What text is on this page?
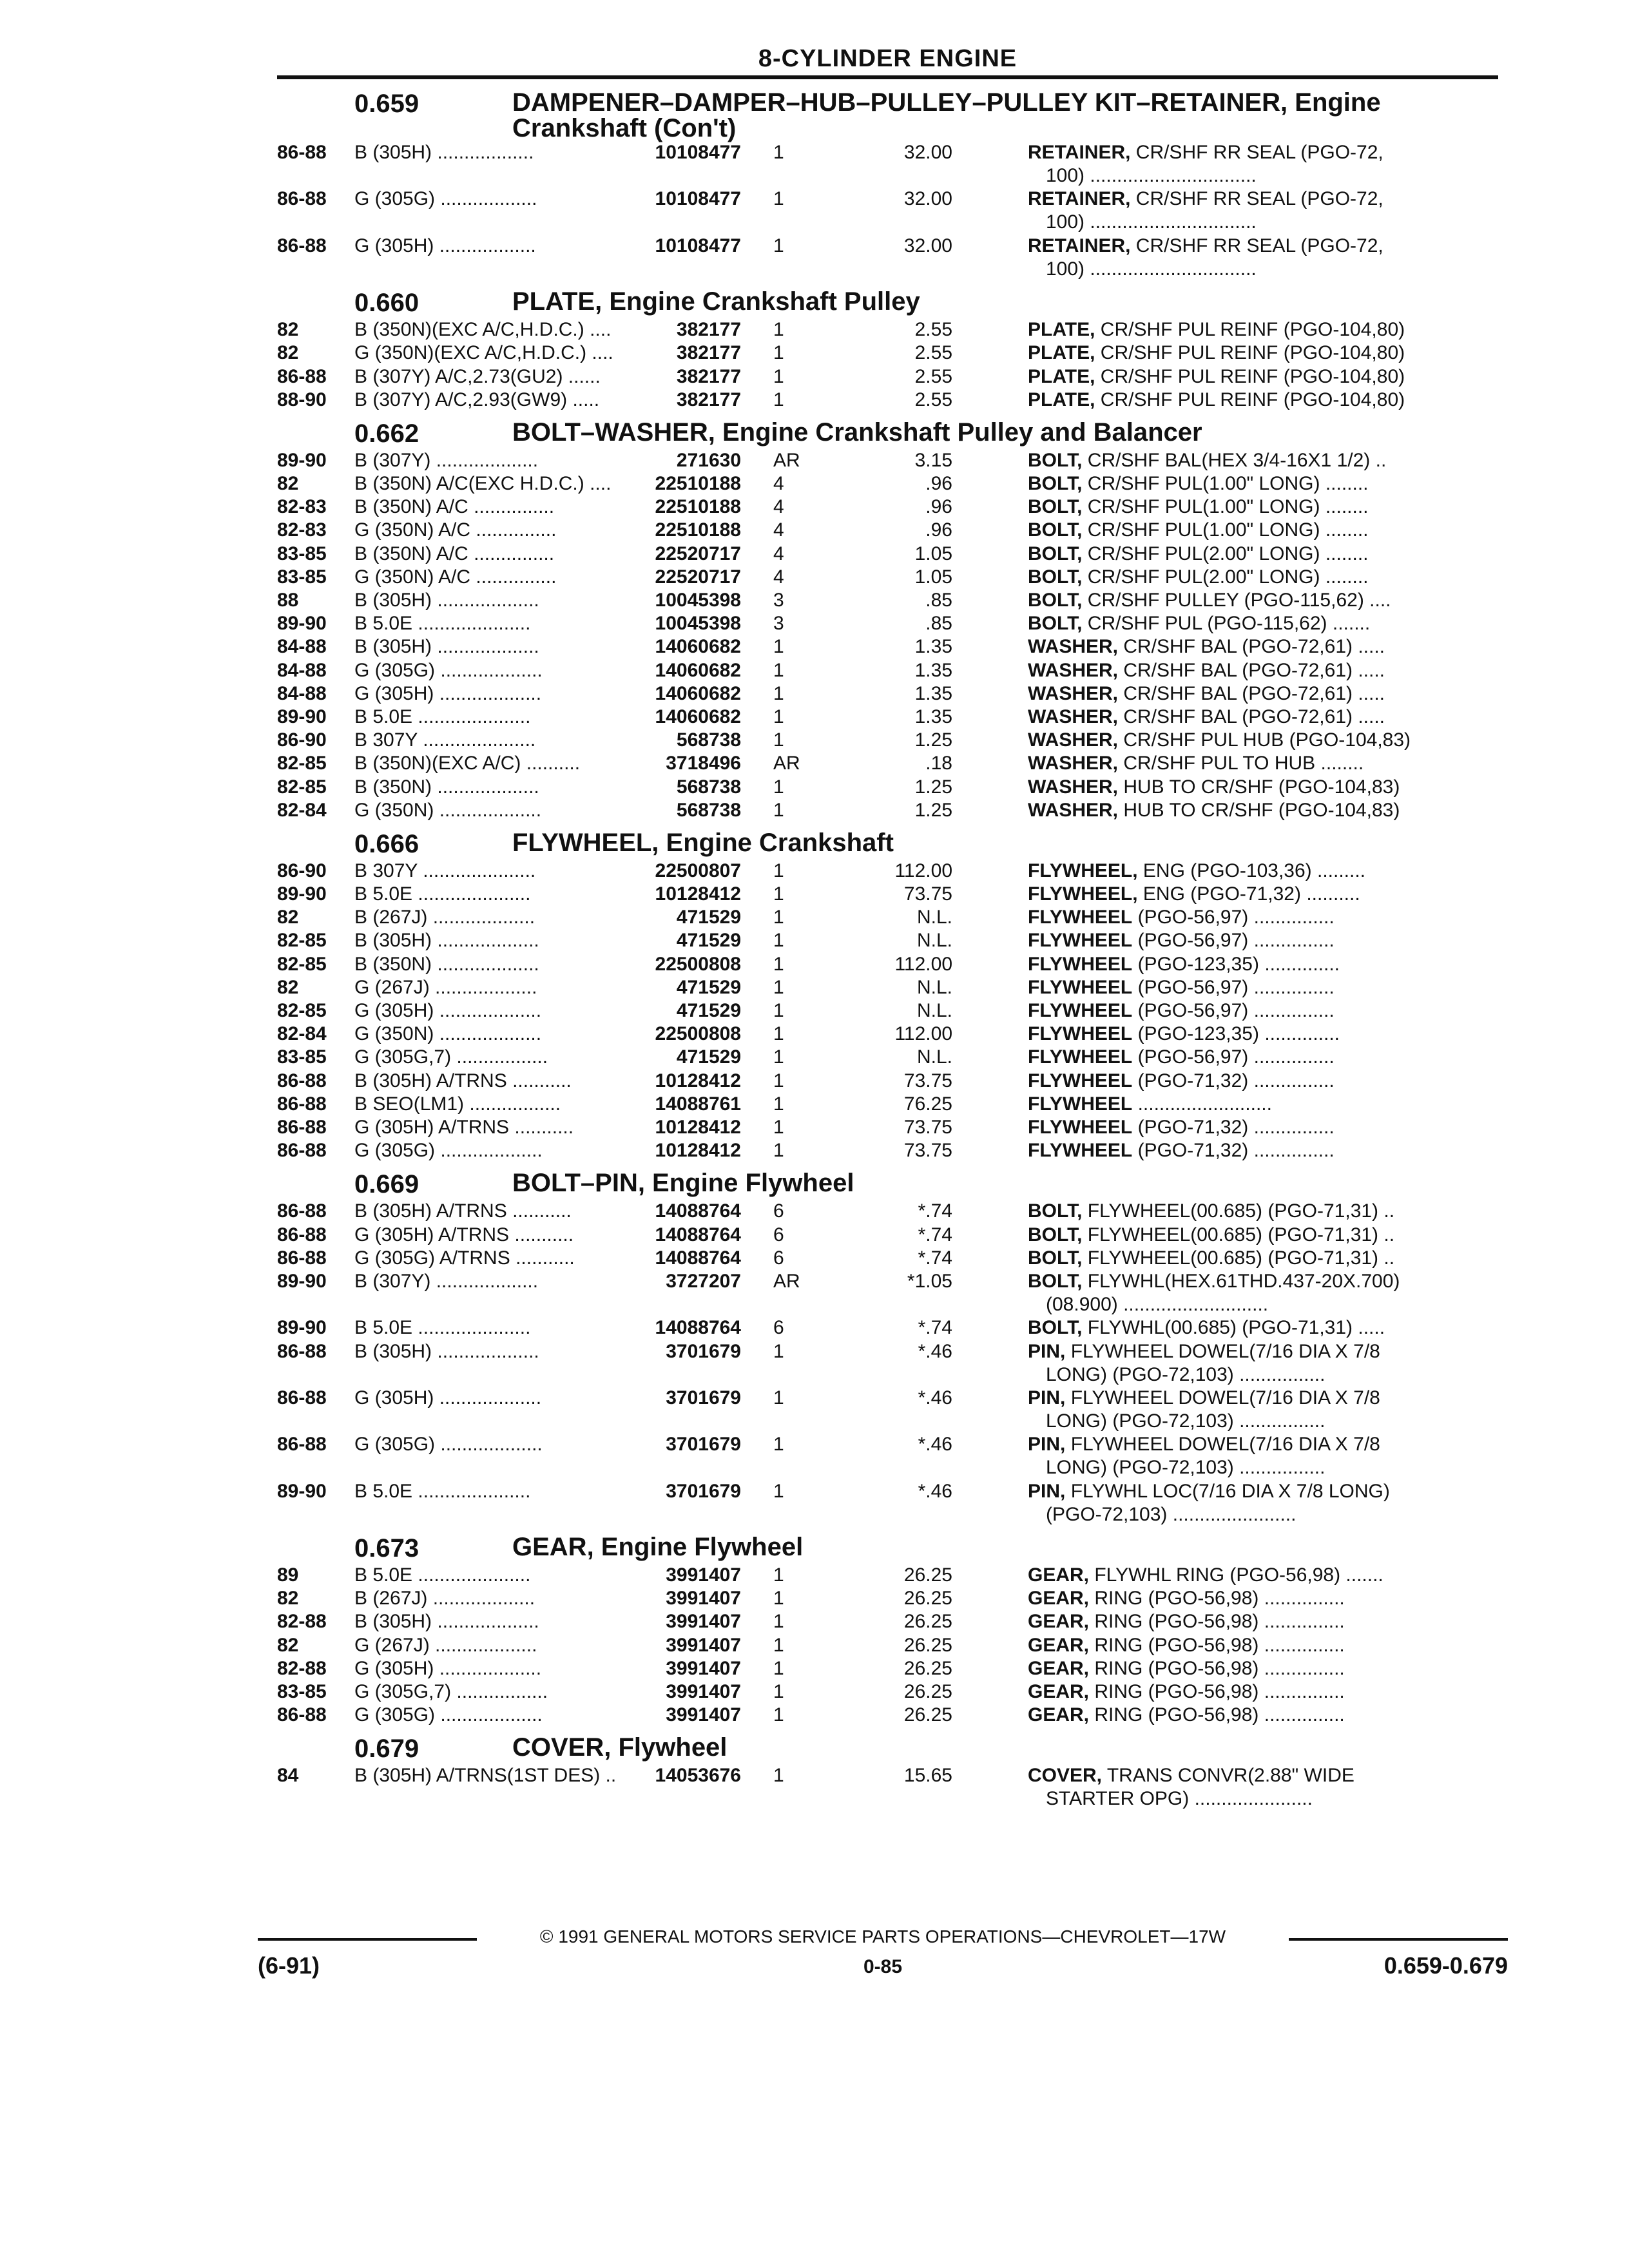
8-CYLINDER ENGINE
0.659	DAMPENER–DAMPER–HUB–PULLEY–PULLEY KIT–RETAINER, Engine
Crankshaft (Con't)
86-88 B (305H) ..................	10108477 1	32.00	RETAINER, CR/SHF RR SEAL (PGO-72,
100) ...............................
86-88 G (305G) ..................	10108477 1	32.00	RETAINER, CR/SHF RR SEAL (PGO-72,
100) ...............................
86-88 G (305H) ..................	10108477 1	32.00	RETAINER, CR/SHF RR SEAL (PGO-72,
100) ...............................
0.660	PLATE, Engine Crankshaft Pulley
82	B (350N)(EXC A/C,H.D.C.) ....	382177 1	2.55	PLATE, CR/SHF PUL REINF (PGO-104,80)
82	G (350N)(EXC A/C,H.D.C.) ....	382177 1	2.55	PLATE, CR/SHF PUL REINF (PGO-104,80)
86-88 B (307Y) A/C,2.73(GU2) ......	382177 1	2.55	PLATE, CR/SHF PUL REINF (PGO-104,80)
88-90 B (307Y) A/C,2.93(GW9) .....	382177 1	2.55	PLATE, CR/SHF PUL REINF (PGO-104,80)
0.662	BOLT–WASHER, Engine Crankshaft Pulley and Balancer
89-90 B (307Y) ...................	271630 AR	3.15	BOLT, CR/SHF BAL(HEX 3/4-16X1 1/2) ..
82	B (350N) A/C(EXC H.D.C.) ....	22510188 4	.96	BOLT, CR/SHF PUL(1.00" LONG) ........
82-83 B (350N) A/C ...............	22510188 4	.96	BOLT, CR/SHF PUL(1.00" LONG) ........
82-83 G (350N) A/C ...............	22510188 4	.96	BOLT, CR/SHF PUL(1.00" LONG) ........
83-85 B (350N) A/C ...............	22520717 4	1.05	BOLT, CR/SHF PUL(2.00" LONG) ........
83-85 G (350N) A/C ...............	22520717 4	1.05	BOLT, CR/SHF PUL(2.00" LONG) ........
88	B (305H) ...................	10045398 3	.85	BOLT, CR/SHF PULLEY (PGO-115,62) ....
89-90 B 5.0E .....................	10045398 3	.85	BOLT, CR/SHF PUL (PGO-115,62) .......
84-88 B (305H) ...................	14060682 1	1.35	WASHER, CR/SHF BAL (PGO-72,61) .....
84-88 G (305G) ...................	14060682 1	1.35	WASHER, CR/SHF BAL (PGO-72,61) .....
84-88 G (305H) ...................	14060682 1	1.35	WASHER, CR/SHF BAL (PGO-72,61) .....
89-90 B 5.0E .....................	14060682 1	1.35	WASHER, CR/SHF BAL (PGO-72,61) .....
86-90 B 307Y .....................	568738 1	1.25	WASHER, CR/SHF PUL HUB (PGO-104,83)
82-85 B (350N)(EXC A/C) ..........	3718496 AR	.18	WASHER, CR/SHF PUL TO HUB ........
82-85 B (350N) ...................	568738 1	1.25	WASHER, HUB TO CR/SHF (PGO-104,83)
82-84 G (350N) ...................	568738 1	1.25	WASHER, HUB TO CR/SHF (PGO-104,83)
0.666	FLYWHEEL, Engine Crankshaft
86-90 B 307Y .....................	22500807 1	112.00	FLYWHEEL, ENG (PGO-103,36) .........
89-90 B 5.0E .....................	10128412 1	73.75	FLYWHEEL, ENG (PGO-71,32) ..........
82	B (267J) ...................	471529 1	N.L.	FLYWHEEL (PGO-56,97) ...............
82-85 B (305H) ...................	471529 1	N.L.	FLYWHEEL (PGO-56,97) ...............
82-85 B (350N) ...................	22500808 1	112.00	FLYWHEEL (PGO-123,35) ..............
82	G (267J) ...................	471529 1	N.L.	FLYWHEEL (PGO-56,97) ...............
82-85 G (305H) ...................	471529 1	N.L.	FLYWHEEL (PGO-56,97) ...............
82-84 G (350N) ...................	22500808 1	112.00	FLYWHEEL (PGO-123,35) ..............
83-85 G (305G,7) .................	471529 1	N.L.	FLYWHEEL (PGO-56,97) ...............
86-88 B (305H) A/TRNS ...........	10128412 1	73.75	FLYWHEEL (PGO-71,32) ...............
86-88 B SEO(LM1) .................	14088761 1	76.25	FLYWHEEL .........................
86-88 G (305H) A/TRNS ...........	10128412 1	73.75	FLYWHEEL (PGO-71,32) ...............
86-88 G (305G) ...................	10128412 1	73.75	FLYWHEEL (PGO-71,32) ...............
0.669	BOLT–PIN, Engine Flywheel
86-88 B (305H) A/TRNS ...........	14088764 6	*.74	BOLT, FLYWHEEL(00.685) (PGO-71,31) ..
86-88 G (305H) A/TRNS ...........	14088764 6	*.74	BOLT, FLYWHEEL(00.685) (PGO-71,31) ..
86-88 G (305G) A/TRNS ...........	14088764 6	*.74	BOLT, FLYWHEEL(00.685) (PGO-71,31) ..
89-90 B (307Y) ...................	3727207 AR	*1.05	BOLT, FLYWHL(HEX.61THD.437-20X.700)
(08.900) ...........................
89-90 B 5.0E .....................	14088764 6	*.74	BOLT, FLYWHL(00.685) (PGO-71,31) .....
86-88 B (305H) ...................	3701679 1	*.46	PIN, FLYWHEEL DOWEL(7/16 DIA X 7/8
LONG) (PGO-72,103) ................
86-88 G (305H) ...................	3701679 1	*.46	PIN, FLYWHEEL DOWEL(7/16 DIA X 7/8
LONG) (PGO-72,103) ................
86-88 G (305G) ...................	3701679 1	*.46	PIN, FLYWHEEL DOWEL(7/16 DIA X 7/8
LONG) (PGO-72,103) ................
89-90 B 5.0E .....................	3701679 1	*.46	PIN, FLYWHL LOC(7/16 DIA X 7/8 LONG)
(PGO-72,103) .......................
0.673	GEAR, Engine Flywheel
89	B 5.0E .....................	3991407 1	26.25	GEAR, FLYWHL RING (PGO-56,98) .......
82	B (267J) ...................	3991407 1	26.25	GEAR, RING (PGO-56,98) ...............
82-88 B (305H) ...................	3991407 1	26.25	GEAR, RING (PGO-56,98) ...............
82	G (267J) ...................	3991407 1	26.25	GEAR, RING (PGO-56,98) ...............
82-88 G (305H) ...................	3991407 1	26.25	GEAR, RING (PGO-56,98) ...............
83-85 G (305G,7) .................	3991407 1	26.25	GEAR, RING (PGO-56,98) ...............
86-88 G (305G) ...................	3991407 1	26.25	GEAR, RING (PGO-56,98) ...............
0.679	COVER, Flywheel
84	B (305H) A/TRNS(1ST DES) ..	14053676 1	15.65	COVER, TRANS CONVR(2.88" WIDE
STARTER OPG) ......................
© 1991 GENERAL MOTORS SERVICE PARTS OPERATIONS—CHEVROLET—17W
(6-91)	0-85	0.659-0.679
